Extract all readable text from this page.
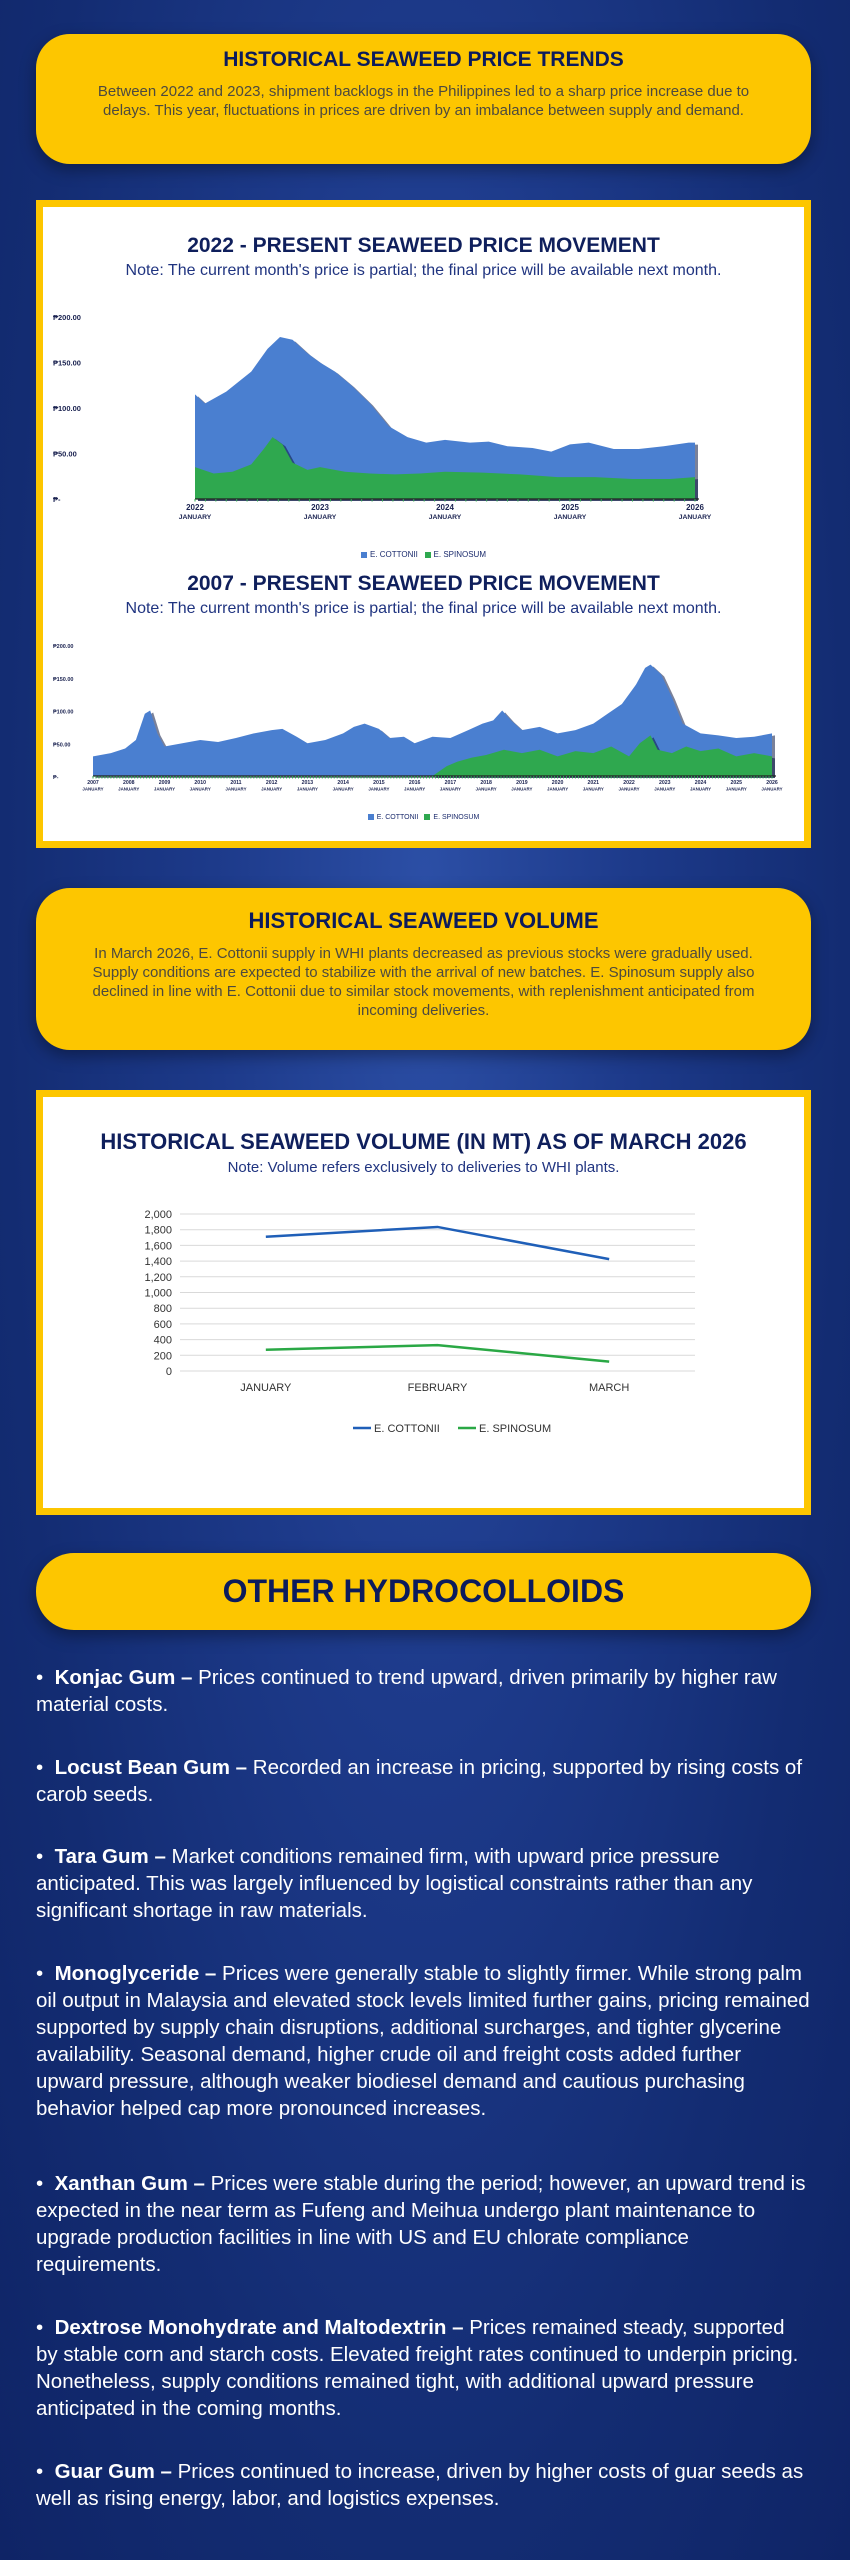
HISTORICAL SEAWEED PRICE TRENDS

Between 2022 and 2023, shipment backlogs in the Philippines led to a sharp price increase due to delays. This year, fluctuations in prices are driven by an imbalance between supply and demand.

2022 - PRESENT SEAWEED PRICE MOVEMENT
Note: The current month's price is partial; the final price will be available next month.
₱-
₱50.00
₱100.00
₱150.00
₱200.00
2022
JANUARY
2023
JANUARY
2024
JANUARY
2025
JANUARY
2026
JANUARY
E. COTTONII E. SPINOSUM
2007 - PRESENT SEAWEED PRICE MOVEMENT
Note: The current month's price is partial; the final price will be available next month.
₱-
₱50.00
₱100.00
₱150.00
₱200.00
2007
JANUARY
2008
JANUARY
2009
JANUARY
2010
JANUARY
2011
JANUARY
2012
JANUARY
2013
JANUARY
2014
JANUARY
2015
JANUARY
2016
JANUARY
2017
JANUARY
2018
JANUARY
2019
JANUARY
2020
JANUARY
2021
JANUARY
2022
JANUARY
2023
JANUARY
2024
JANUARY
2025
JANUARY
2026
JANUARY
E. COTTONII E. SPINOSUM
HISTORICAL SEAWEED VOLUME

In March 2026, E. Cottonii supply in WHI plants decreased as previous stocks were gradually used. Supply conditions are expected to stabilize with the arrival of new batches. E. Spinosum supply also declined in line with E. Cottonii due to similar stock movements, with replenishment anticipated from incoming deliveries.

HISTORICAL SEAWEED VOLUME (IN MT) AS OF MARCH 2026
Note: Volume refers exclusively to deliveries to WHI plants.
0
200
400
600
800
1,000
1,200
1,400
1,600
1,800
2,000
JANUARY	FEBRUARY	MARCH
E. COTTONII	E. SPINOSUM
OTHER HYDROCOLLOIDS

•  Konjac Gum – Prices continued to trend upward, driven primarily by higher raw material costs.

•  Locust Bean Gum – Recorded an increase in pricing, supported by rising costs of carob seeds.

•  Tara Gum – Market conditions remained firm, with upward price pressure anticipated. This was largely influenced by logistical constraints rather than any significant shortage in raw materials.

•  Monoglyceride – Prices were generally stable to slightly firmer. While strong palm oil output in Malaysia and elevated stock levels limited further gains, pricing remained supported by supply chain disruptions, additional surcharges, and tighter glycerine availability. Seasonal demand, higher crude oil and freight costs added further upward pressure, although weaker biodiesel demand and cautious purchasing behavior helped cap more pronounced increases.

•  Xanthan Gum – Prices were stable during the period; however, an upward trend is expected in the near term as Fufeng and Meihua undergo plant maintenance to upgrade production facilities in line with US and EU chlorate compliance requirements.

•  Dextrose Monohydrate and Maltodextrin – Prices remained steady, supported by stable corn and starch costs. Elevated freight rates continued to underpin pricing. Nonetheless, supply conditions remained tight, with additional upward pressure anticipated in the coming months.

•  Guar Gum – Prices continued to increase, driven by higher costs of guar seeds as well as rising energy, labor, and logistics expenses.
